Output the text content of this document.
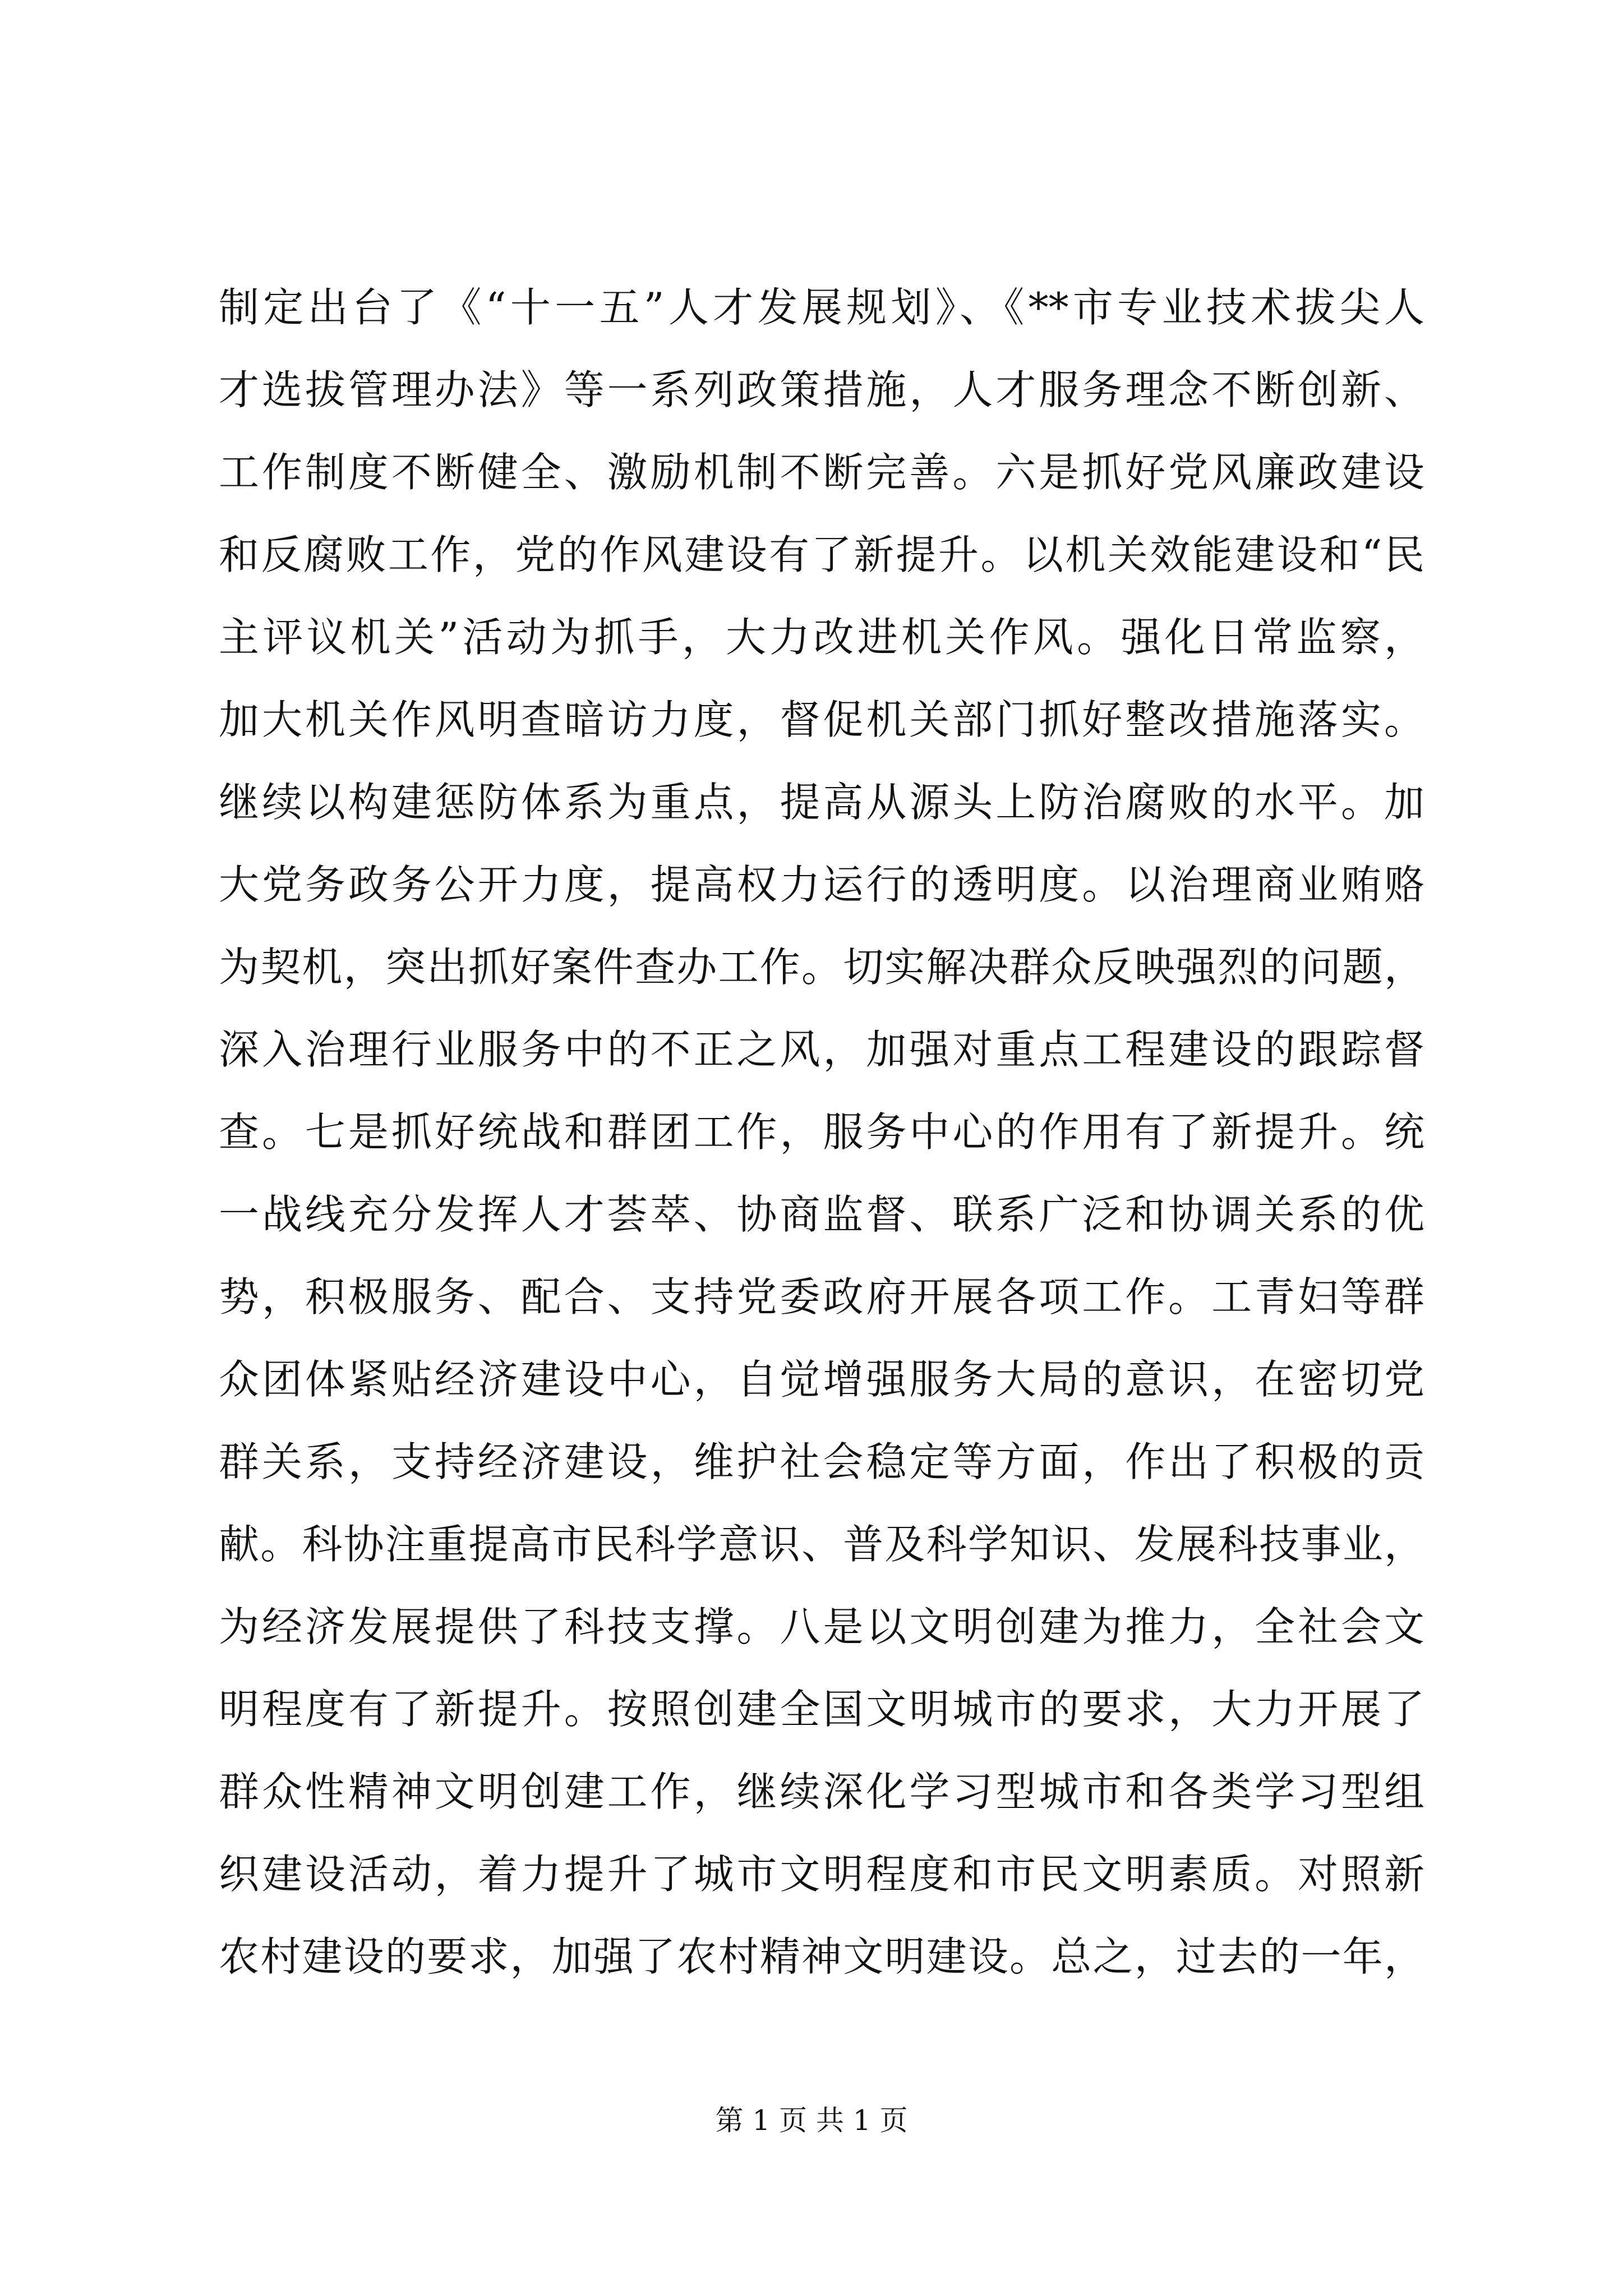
制定出台了《“十一五”人才发展规划》、《**市专业技术拔尖人
才选拔管理办法》等一系列政策措施，人才服务理念不断创新、
工作制度不断健全、激励机制不断完善。六是抓好党风廉政建设
和反腐败工作，党的作风建设有了新提升。以机关效能建设和“民
主评议机关”活动为抓手，大力改进机关作风。强化日常监察，
加大机关作风明查暗访力度，督促机关部门抓好整改措施落实。
继续以构建惩防体系为重点，提高从源头上防治腐败的水平。加
大党务政务公开力度，提高权力运行的透明度。以治理商业贿赂
为契机，突出抓好案件查办工作。切实解决群众反映强烈的问题，
深入治理行业服务中的不正之风，加强对重点工程建设的跟踪督
查。七是抓好统战和群团工作，服务中心的作用有了新提升。统
一战线充分发挥人才荟萃、协商监督、联系广泛和协调关系的优
势，积极服务、配合、支持党委政府开展各项工作。工青妇等群
众团体紧贴经济建设中心，自觉增强服务大局的意识，在密切党
群关系，支持经济建设，维护社会稳定等方面，作出了积极的贡
献。科协注重提高市民科学意识、普及科学知识、发展科技事业，
为经济发展提供了科技支撑。八是以文明创建为推力，全社会文
明程度有了新提升。按照创建全国文明城市的要求，大力开展了
群众性精神文明创建工作，继续深化学习型城市和各类学习型组
织建设活动，着力提升了城市文明程度和市民文明素质。对照新
农村建设的要求，加强了农村精神文明建设。总之，过去的一年，
第 1 页 共 1 页
